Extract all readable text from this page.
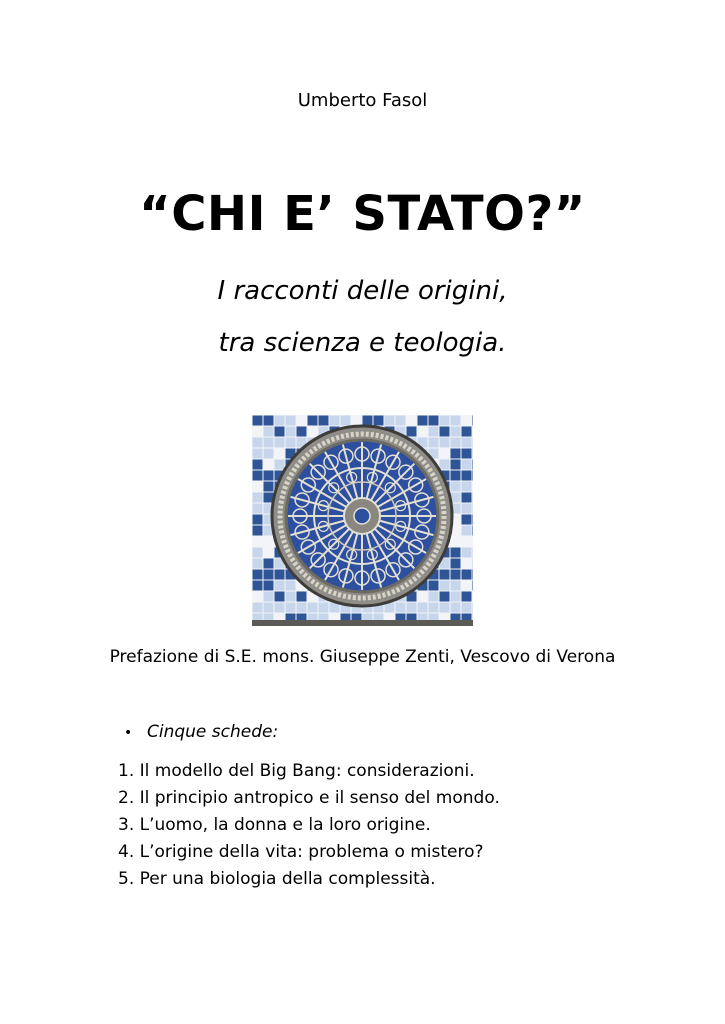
Umberto Fasol
“CHI E’ STATO?”
I racconti delle origini,
tra scienza e teologia.
Prefazione di S.E. mons. Giuseppe Zenti, Vescovo di Verona
• Cinque schede:
1. Il modello del Big Bang: considerazioni.
2. Il principio antropico e il senso del mondo.
3. L’uomo, la donna e la loro origine.
4. L’origine della vita: problema o mistero?
5. Per una biologia della complessità.
